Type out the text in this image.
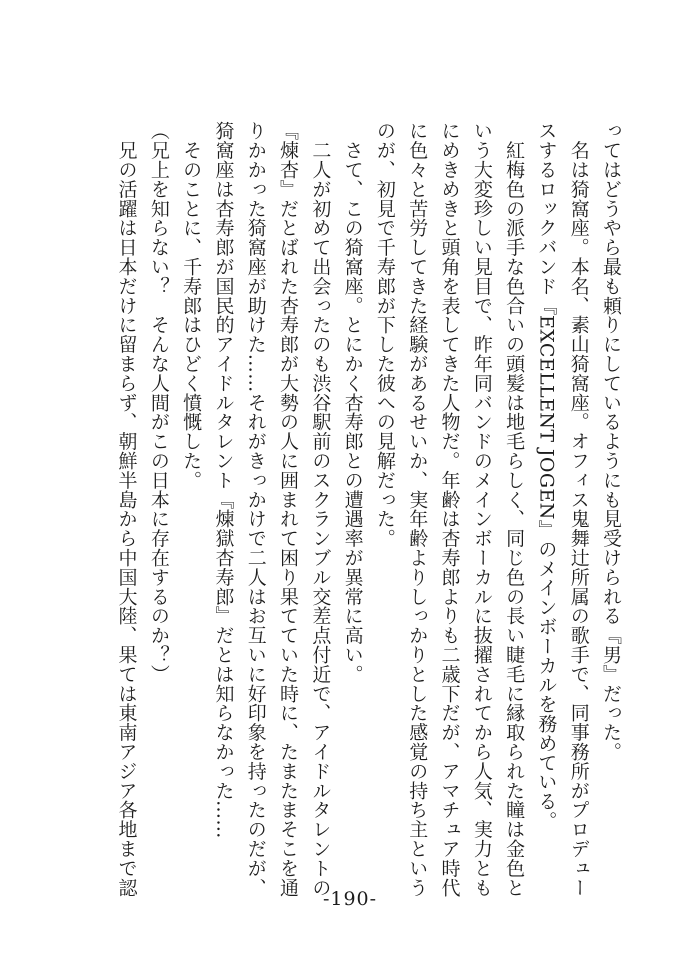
ってはどうやら最も頼りにしているようにも見受けられる『男』だった。
　名は猗窩座。本名、素山猗窩座。オフィス鬼舞辻所属の歌手で、同事務所がプロデュー
スするロックバンド『EXCELLENT JOGEN』のメインボーカルを務めている。
　紅梅色の派手な色合いの頭髪は地毛らしく、同じ色の長い睫毛に縁取られた瞳は金色と
いう大変珍しい見目で、昨年同バンドのメインボーカルに抜擢されてから人気、実力とも
にめきめきと頭角を表してきた人物だ。年齢は杏寿郎よりも二歳下だが、アマチュア時代
に色々と苦労してきた経験があるせいか、実年齢よりしっかりとした感覚の持ち主という
のが、初見で千寿郎が下した彼への見解だった。
　さて、この猗窩座。とにかく杏寿郎との遭遇率が異常に高い。
　二人が初めて出会ったのも渋谷駅前のスクランブル交差点付近で、アイドルタレントの
『煉杏』だとばれた杏寿郎が大勢の人に囲まれて困り果てていた時に、たまたまそこを通
りかかった猗窩座が助けた……それがきっかけで二人はお互いに好印象を持ったのだが、
猗窩座は杏寿郎が国民的アイドルタレント『煉獄杏寿郎』だとは知らなかった……
　そのことに、千寿郎はひどく憤慨した。
（兄上を知らない？　そんな人間がこの日本に存在するのか？）
　兄の活躍は日本だけに留まらず、朝鮮半島から中国大陸、果ては東南アジア各地まで認
-190-
